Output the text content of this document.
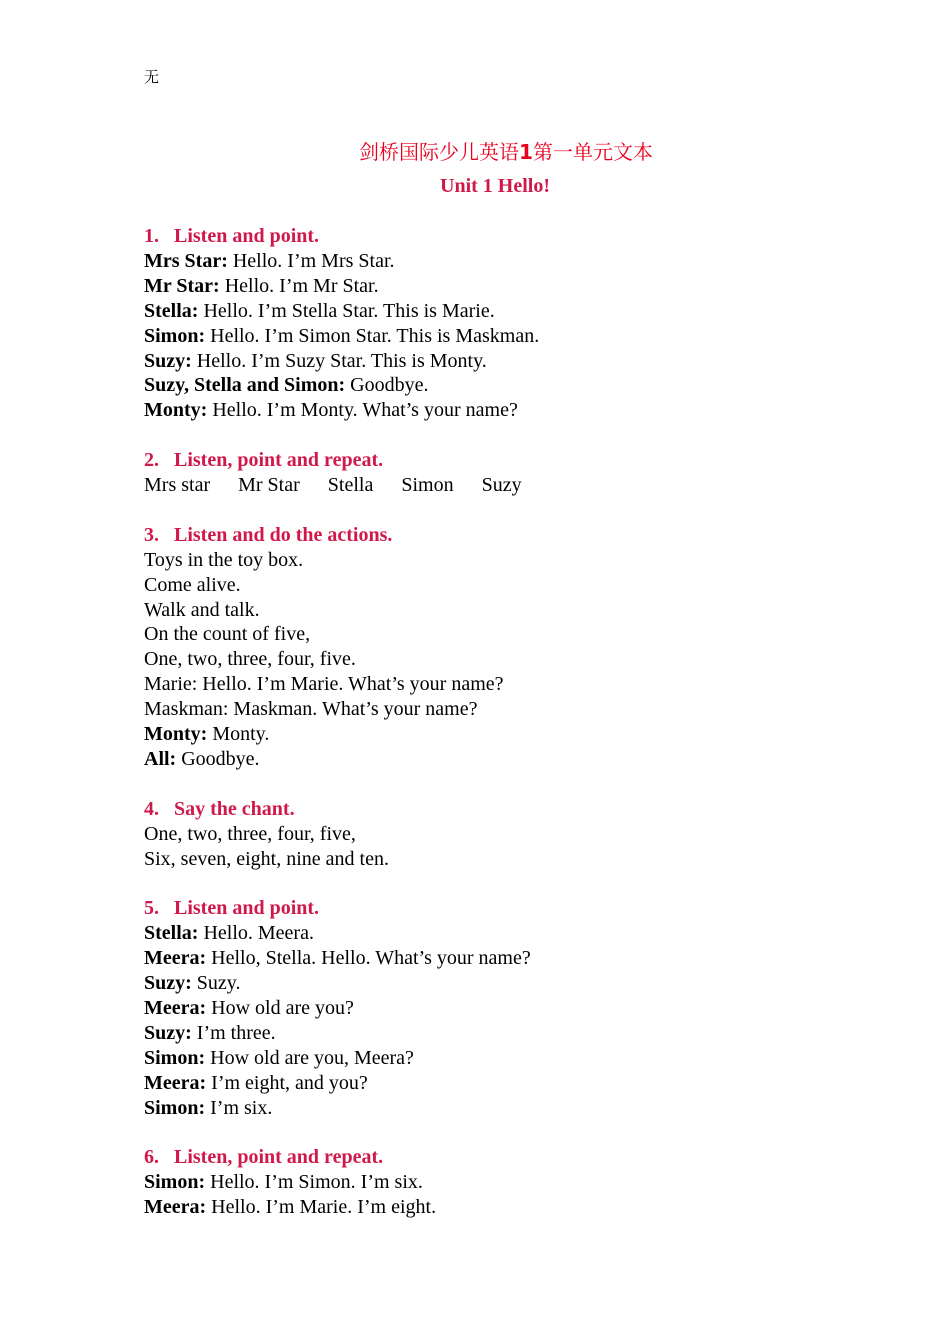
无
剑桥国际少儿英语1第一单元文本
Unit 1 Hello!
1. Listen and point.
Mrs Star: Hello. I’m Mrs Star.
Mr Star: Hello. I’m Mr Star.
Stella: Hello. I’m Stella Star. This is Marie.
Simon: Hello. I’m Simon Star. This is Maskman.
Suzy: Hello. I’m Suzy Star. This is Monty.
Suzy, Stella and Simon: Goodbye.
Monty: Hello. I’m Monty. What’s your name?
2. Listen, point and repeat.
Mrs star Mr Star Stella Simon Suzy
3. Listen and do the actions.
Toys in the toy box.
Come alive.
Walk and talk.
On the count of five,
One, two, three, four, five.
Marie: Hello. I’m Marie. What’s your name?
Maskman: Maskman. What’s your name?
Monty: Monty.
All: Goodbye.
4. Say the chant.
One, two, three, four, five,
Six, seven, eight, nine and ten.
5. Listen and point.
Stella: Hello. Meera.
Meera: Hello, Stella. Hello. What’s your name?
Suzy: Suzy.
Meera: How old are you?
Suzy: I’m three.
Simon: How old are you, Meera?
Meera: I’m eight, and you?
Simon: I’m six.
6. Listen, point and repeat.
Simon: Hello. I’m Simon. I’m six.
Meera: Hello. I’m Marie. I’m eight.
